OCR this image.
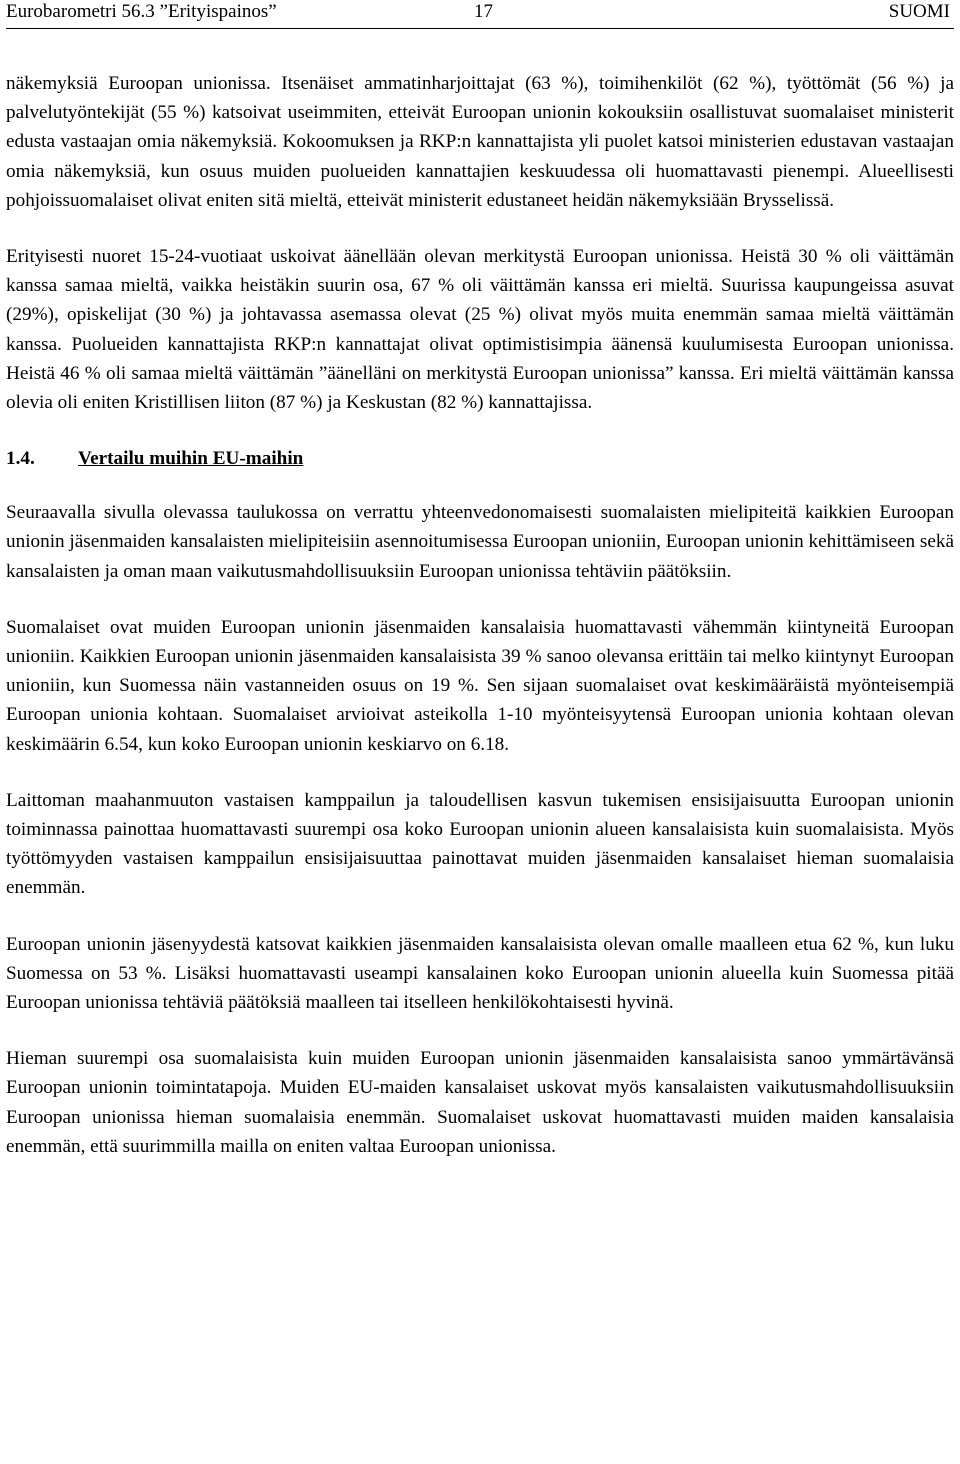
Eurobarometri 56.3 ”Erityispainos”	17	SUOMI

näkemyksiä Euroopan unionissa. Itsenäiset ammatinharjoittajat (63 %), toimihenkilöt (62 %), työttömät (56 %) ja palvelutyöntekijät (55 %) katsoivat useimmiten, etteivät Euroopan unionin kokouksiin osallistuvat suomalaiset ministerit edusta vastaajan omia näkemyksiä. Kokoomuksen ja RKP:n kannattajista yli puolet katsoi ministerien edustavan vastaajan omia näkemyksiä, kun osuus muiden puolueiden kannattajien keskuudessa oli huomattavasti pienempi. Alueellisesti pohjoissuomalaiset olivat eniten sitä mieltä, etteivät ministerit edustaneet heidän näkemyksiään Brysselissä.

Erityisesti nuoret 15-24-vuotiaat uskoivat äänellään olevan merkitystä Euroopan unionissa. Heistä 30 % oli väittämän kanssa samaa mieltä, vaikka heistäkin suurin osa, 67 % oli väittämän kanssa eri mieltä. Suurissa kaupungeissa asuvat (29%), opiskelijat (30 %) ja johtavassa asemassa olevat (25 %) olivat myös muita enemmän samaa mieltä väittämän kanssa. Puolueiden kannattajista RKP:n kannattajat olivat optimistisimpia äänensä kuulumisesta Euroopan unionissa. Heistä 46 % oli samaa mieltä väittämän ”äänelläni on merkitystä Euroopan unionissa” kanssa. Eri mieltä väittämän kanssa olevia oli eniten Kristillisen liiton (87 %) ja Keskustan (82 %) kannattajissa.

1.4. Vertailu muihin EU-maihin

Seuraavalla sivulla olevassa taulukossa on verrattu yhteenvedonomaisesti suomalaisten mielipiteitä kaikkien Euroopan unionin jäsenmaiden kansalaisten mielipiteisiin asennoitumisessa Euroopan unioniin, Euroopan unionin kehittämiseen sekä kansalaisten ja oman maan vaikutusmahdollisuuksiin Euroopan unionissa tehtäviin päätöksiin.

Suomalaiset ovat muiden Euroopan unionin jäsenmaiden kansalaisia huomattavasti vähemmän kiintyneitä Euroopan unioniin. Kaikkien Euroopan unionin jäsenmaiden kansalaisista 39 % sanoo olevansa erittäin tai melko kiintynyt Euroopan unioniin, kun Suomessa näin vastanneiden osuus on 19 %. Sen sijaan suomalaiset ovat keskimääräistä myönteisempiä Euroopan unionia kohtaan. Suomalaiset arvioivat asteikolla 1-10 myönteisyytensä Euroopan unionia kohtaan olevan keskimäärin 6.54, kun koko Euroopan unionin keskiarvo on 6.18.

Laittoman maahanmuuton vastaisen kamppailun ja taloudellisen kasvun tukemisen ensisijaisuutta Euroopan unionin toiminnassa painottaa huomattavasti suurempi osa koko Euroopan unionin alueen kansalaisista kuin suomalaisista. Myös työttömyyden vastaisen kamppailun ensisijaisuuttaa painottavat muiden jäsenmaiden kansalaiset hieman suomalaisia enemmän.

Euroopan unionin jäsenyydestä katsovat kaikkien jäsenmaiden kansalaisista olevan omalle maalleen etua 62 %, kun luku Suomessa on 53 %. Lisäksi huomattavasti useampi kansalainen koko Euroopan unionin alueella kuin Suomessa pitää Euroopan unionissa tehtäviä päätöksiä maalleen tai itselleen henkilökohtaisesti hyvinä.

Hieman suurempi osa suomalaisista kuin muiden Euroopan unionin jäsenmaiden kansalaisista sanoo ymmärtävänsä Euroopan unionin toimintatapoja. Muiden EU-maiden kansalaiset uskovat myös kansalaisten vaikutusmahdollisuuksiin Euroopan unionissa hieman suomalaisia enemmän. Suomalaiset uskovat huomattavasti muiden maiden kansalaisia enemmän, että suurimmilla mailla on eniten valtaa Euroopan unionissa.
